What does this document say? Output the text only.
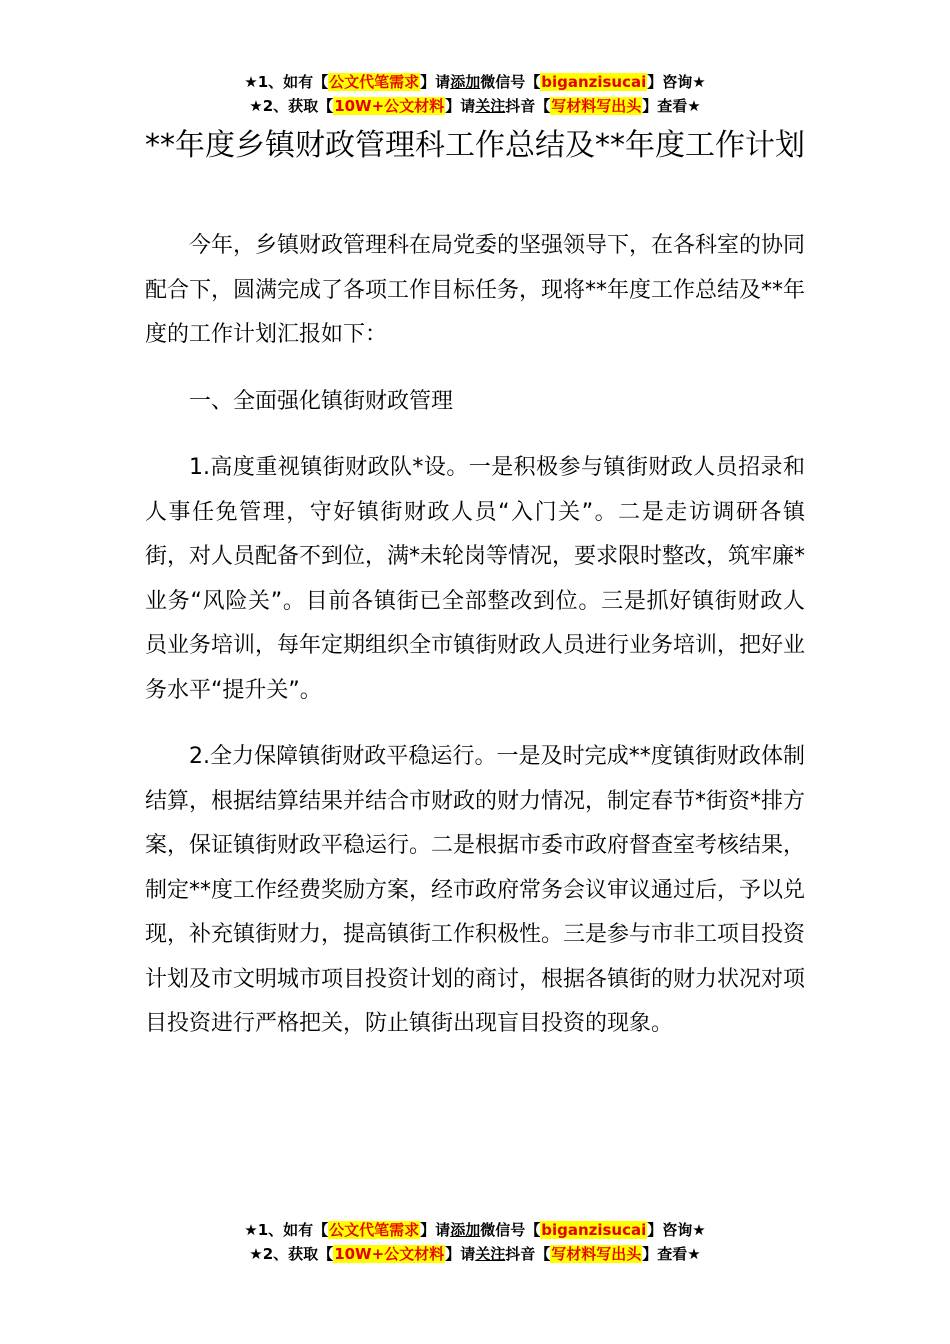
★1、如有【公文代笔需求】请添加微信号【biganzisucai】咨询★
★2、获取【10W+公文材料】请关注抖音【写材料写出头】查看★
**年度乡镇财政管理科工作总结及**年度工作计划

今年，乡镇财政管理科在局党委的坚强领导下，在各科室的协同配合下，圆满完成了各项工作目标任务，现将**年度工作总结及**年度的工作计划汇报如下：

一、全面强化镇街财政管理

1.高度重视镇街财政队*设。一是积极参与镇街财政人员招录和人事任免管理，守好镇街财政人员“入门关”。二是走访调研各镇街，对人员配备不到位，满*未轮岗等情况，要求限时整改，筑牢廉*业务“风险关”。目前各镇街已全部整改到位。三是抓好镇街财政人员业务培训，每年定期组织全市镇街财政人员进行业务培训，把好业务水平“提升关”。

2.全力保障镇街财政平稳运行。一是及时完成**度镇街财政体制结算，根据结算结果并结合市财政的财力情况，制定春节*街资*排方案，保证镇街财政平稳运行。二是根据市委市政府督查室考核结果，制定**度工作经费奖励方案，经市政府常务会议审议通过后，予以兑现，补充镇街财力，提高镇街工作积极性。三是参与市非工项目投资计划及市文明城市项目投资计划的商讨，根据各镇街的财力状况对项目投资进行严格把关，防止镇街出现盲目投资的现象。

★1、如有【公文代笔需求】请添加微信号【biganzisucai】咨询★
★2、获取【10W+公文材料】请关注抖音【写材料写出头】查看★
